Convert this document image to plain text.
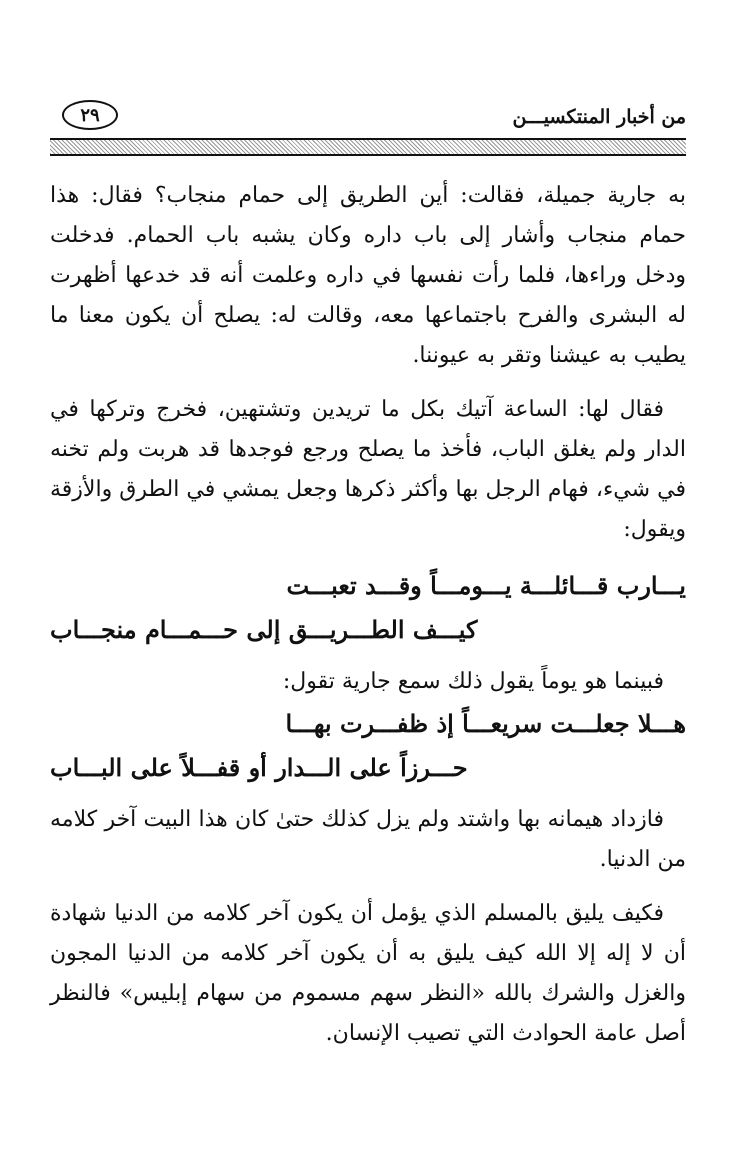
من أخبار المنتكسيـــن
٢٩

به جارية جميلة، فقالت: أين الطريق إلى حمام منجاب؟ فقال: هذا حمام منجاب وأشار إلى باب داره وكان يشبه باب الحمام. فدخلت ودخل وراءها، فلما رأت نفسها في داره وعلمت أنه قد خدعها أظهرت له البشرى والفرح باجتماعها معه، وقالت له: يصلح أن يكون معنا ما يطيب به عيشنا وتقر به عيوننا.

فقال لها: الساعة آتيك بكل ما تريدين وتشتهين، فخرج وتركها في الدار ولم يغلق الباب، فأخذ ما يصلح ورجع فوجدها قد هربت ولم تخنه في شيء، فهام الرجل بها وأكثر ذكرها وجعل يمشي في الطرق والأزقة ويقول:

يـــارب قـــائلـــة يـــومـــاً وقـــد تعبـــت

كيـــف الطـــريـــق إلى حـــمـــام منجـــاب

فبينما هو يوماً يقول ذلك سمع جارية تقول:

هـــلا جعلـــت سريعـــاً إذ ظفـــرت بهـــا

حـــرزاً على الـــدار أو قفـــلاً على البـــاب

فازداد هيمانه بها واشتد ولم يزل كذلك حتىٰ كان هذا البيت آخر كلامه من الدنيا.

فكيف يليق بالمسلم الذي يؤمل أن يكون آخر كلامه من الدنيا شهادة أن لا إله إلا الله كيف يليق به أن يكون آخر كلامه من الدنيا المجون والغزل والشرك بالله «النظر سهم مسموم من سهام إبليس» فالنظر أصل عامة الحوادث التي تصيب الإنسان.
